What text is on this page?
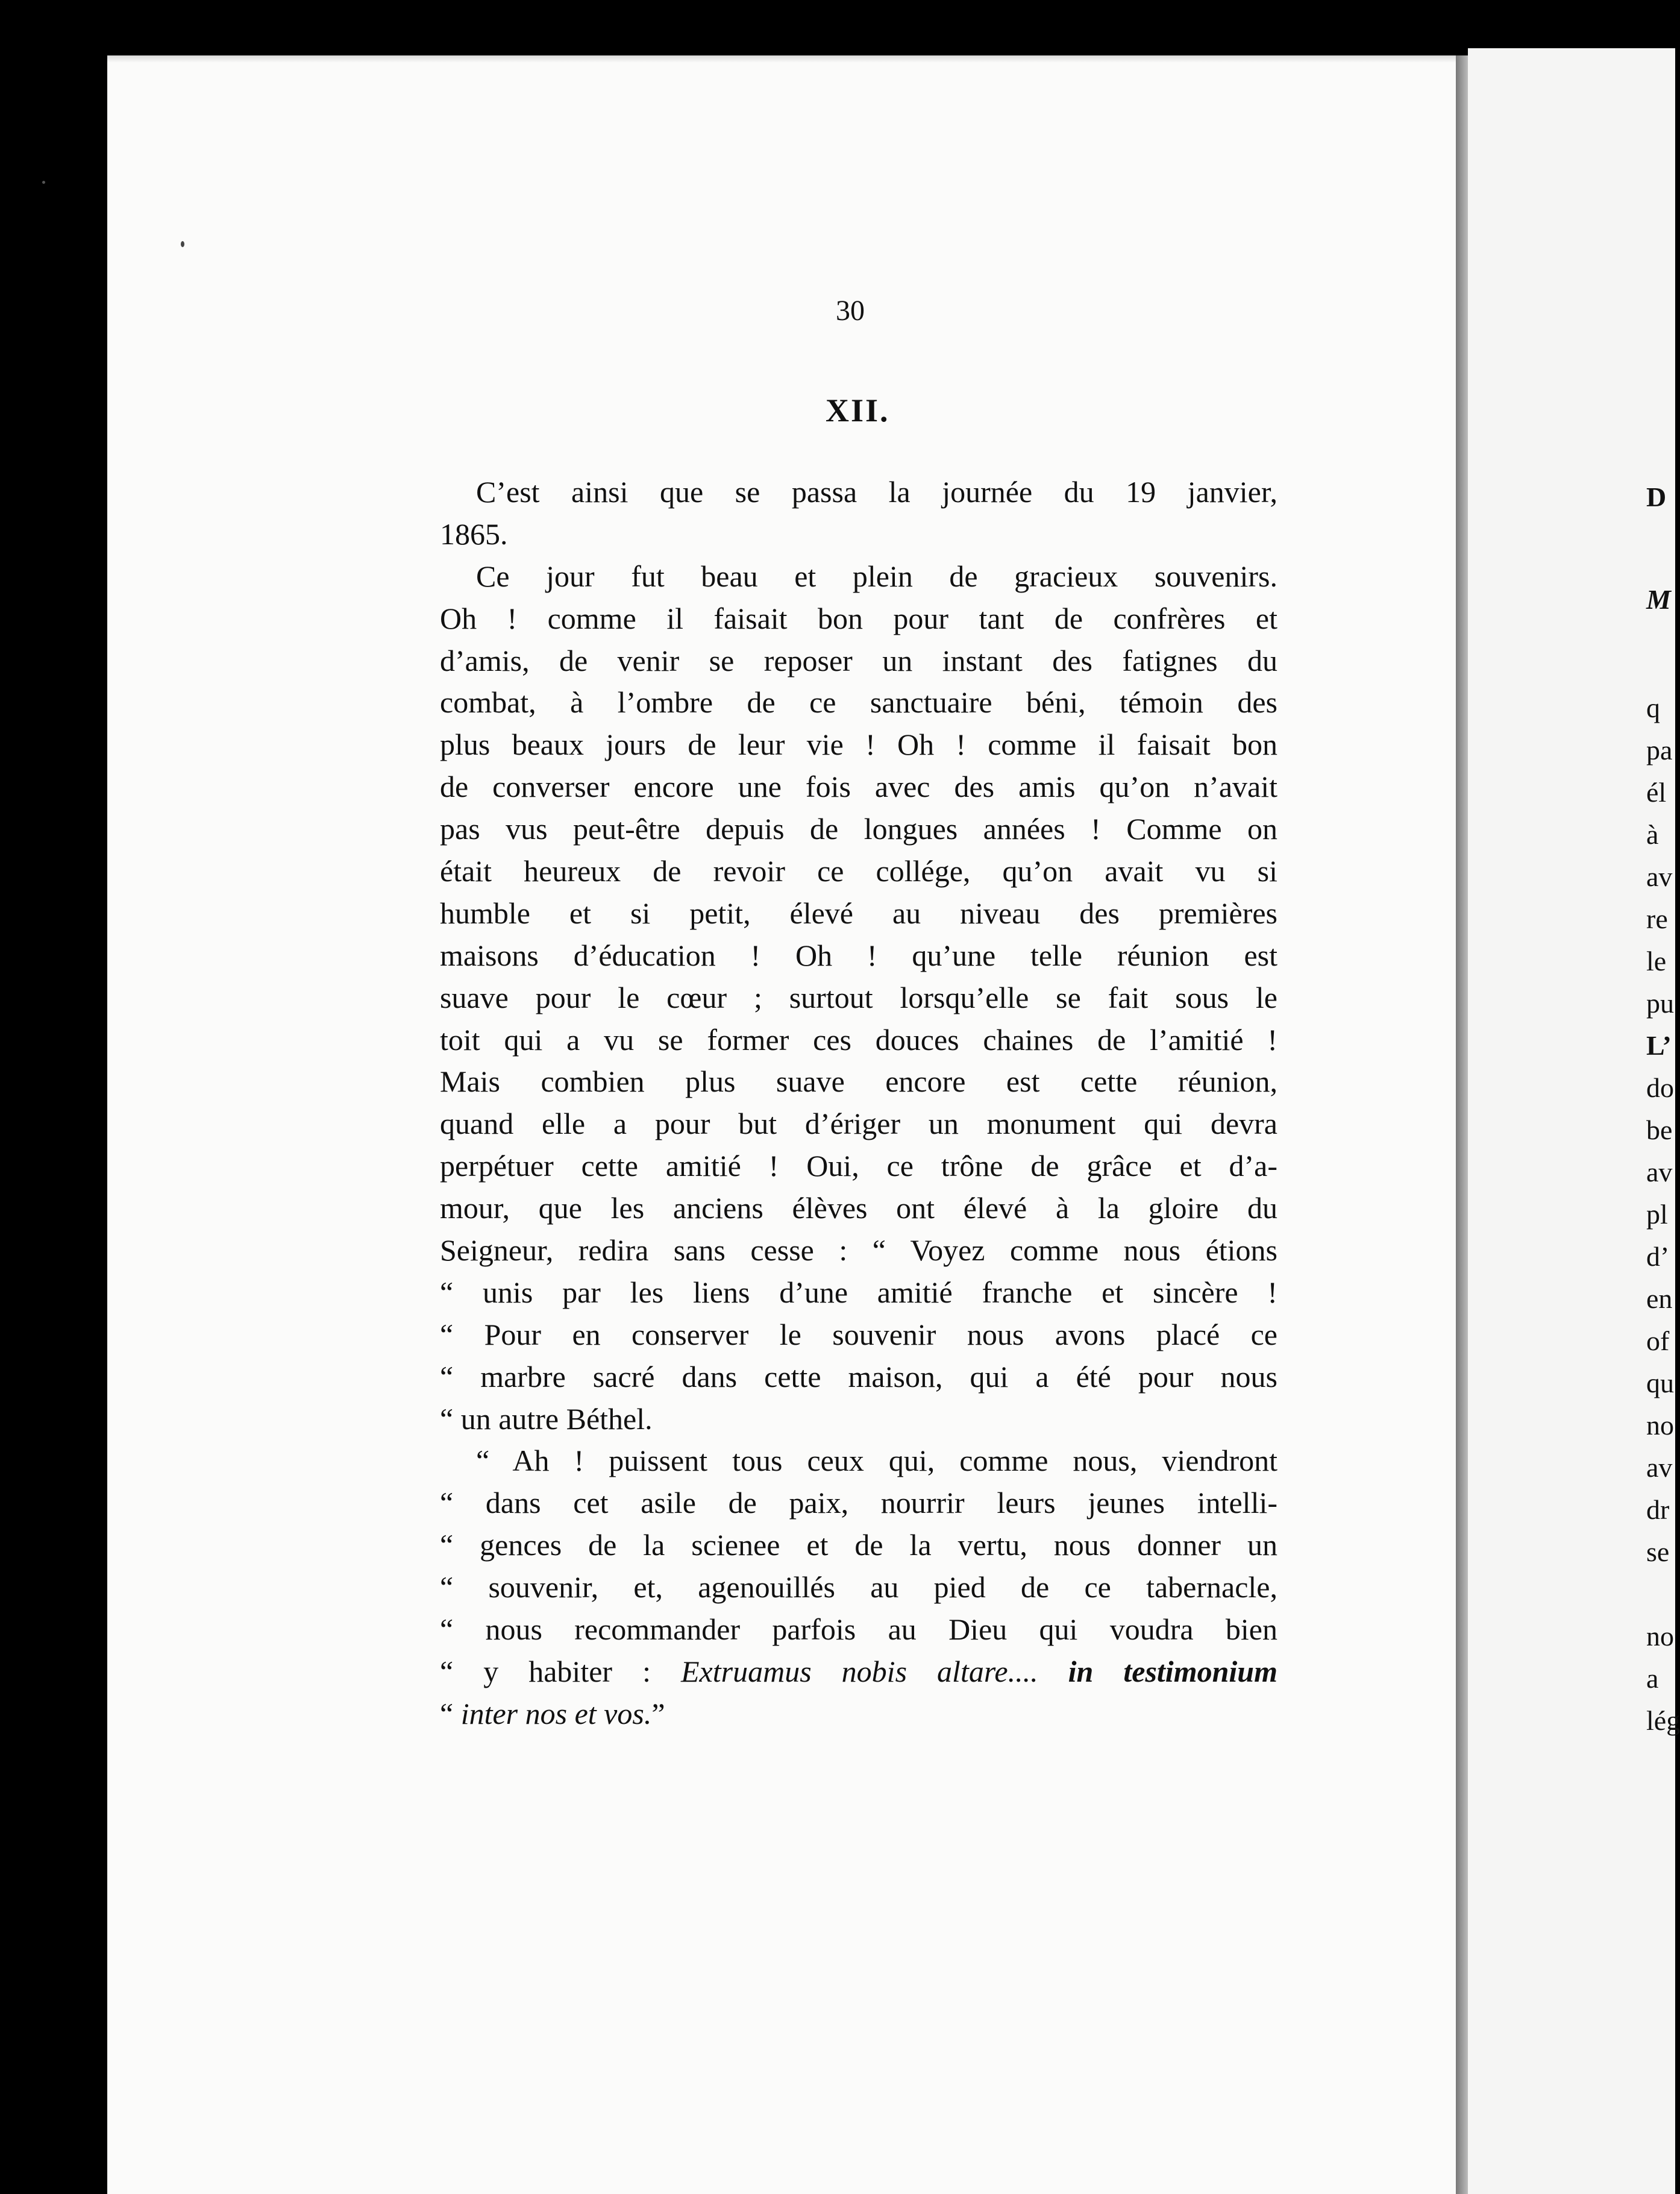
30
XII.
C’est ainsi que se passa la journée du 19 janvier,
1865.
Ce jour fut beau et plein de gracieux souvenirs.
Oh ! comme il faisait bon pour tant de confrères et
d’amis, de venir se reposer un instant des fatignes du
combat, à l’ombre de ce sanctuaire béni, témoin des
plus beaux jours de leur vie ! Oh ! comme il faisait bon
de converser encore une fois avec des amis qu’on n’avait
pas vus peut-être depuis de longues années ! Comme on
était heureux de revoir ce collége, qu’on avait vu si
humble et si petit, élevé au niveau des premières
maisons d’éducation ! Oh ! qu’une telle réunion est
suave pour le cœur ; surtout lorsqu’elle se fait sous le
toit qui a vu se former ces douces chaines de l’amitié !
Mais combien plus suave encore est cette réunion,
quand elle a pour but d’ériger un monument qui devra
perpétuer cette amitié ! Oui, ce trône de grâce et d’a-
mour, que les anciens élèves ont élevé à la gloire du
Seigneur, redira sans cesse : “ Voyez comme nous étions
“ unis par les liens d’une amitié franche et sincère !
“ Pour en conserver le souvenir nous avons placé ce
“ marbre sacré dans cette maison, qui a été pour nous
“ un autre Béthel.
“ Ah ! puissent tous ceux qui, comme nous, viendront
“ dans cet asile de paix, nourrir leurs jeunes intelli-
“ gences de la scienee et de la vertu, nous donner un
“ souvenir, et, agenouillés au pied de ce tabernacle,
“ nous recommander parfois au Dieu qui voudra bien
“ y habiter : Extruamus nobis altare.... in testimonium
“ inter nos et vos.”
D
M
q
pa
él
à
av
re
le
pu
L’
do
be
av
pl
d’
en
of
qu
no
av
dr
se
no
a
lég
